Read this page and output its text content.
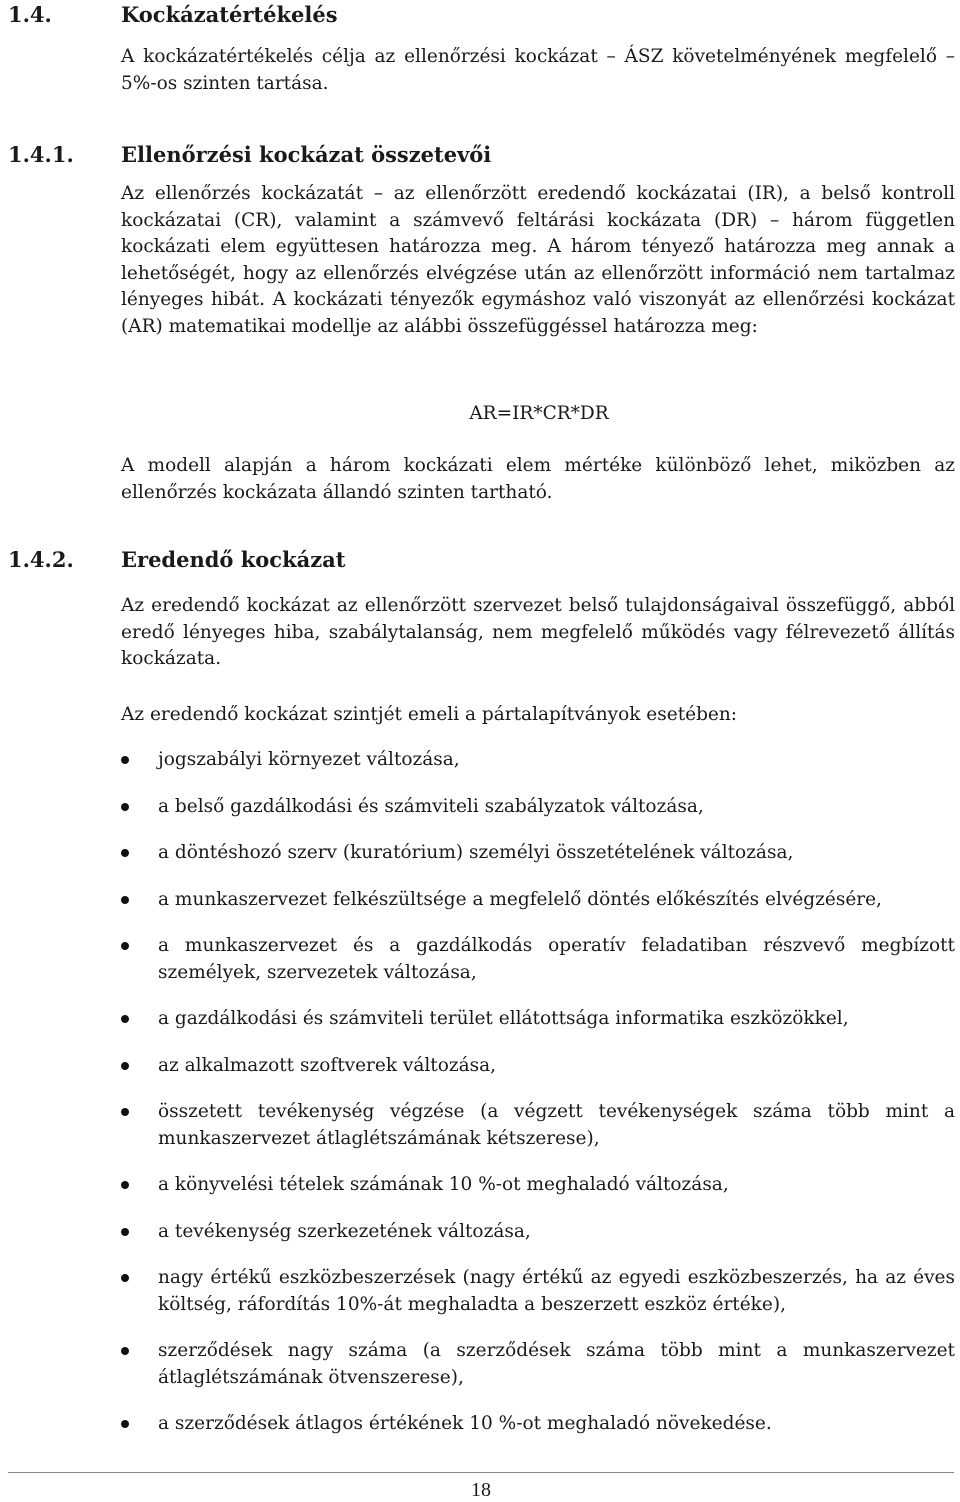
1.4.	Kockázatértékelés

A kockázatértékelés célja az ellenőrzési kockázat – ÁSZ követelményének megfelelő – 5%-os szinten tartása.

1.4.1. Ellenőrzési kockázat összetevői

Az ellenőrzés kockázatát – az ellenőrzött eredendő kockázatai (IR), a belső kontroll kockázatai (CR), valamint a számvevő feltárási kockázata (DR) – három független kockázati elem együttesen határozza meg. A három tényező határozza meg annak a lehetőségét, hogy az ellenőrzés elvégzése után az ellenőrzött információ nem tartalmaz lényeges hibát. A kockázati tényezők egymáshoz való viszonyát az ellenőrzési kockázat (AR) matematikai modellje az alábbi összefüggéssel határozza meg:

AR=IR*CR*DR

A modell alapján a három kockázati elem mértéke különböző lehet, miközben az ellenőrzés kockázata állandó szinten tartható.

1.4.2. Eredendő kockázat

Az eredendő kockázat az ellenőrzött szervezet belső tulajdonságaival összefüggő, abból eredő lényeges hiba, szabálytalanság, nem megfelelő működés vagy félrevezető állítás kockázata.

Az eredendő kockázat szintjét emeli a pártalapítványok esetében:

jogszabályi környezet változása,
a belső gazdálkodási és számviteli szabályzatok változása,
a döntéshozó szerv (kuratórium) személyi összetételének változása,
a munkaszervezet felkészültsége a megfelelő döntés előkészítés elvégzésére,
a munkaszervezet és a gazdálkodás operatív feladatiban részvevő megbízott személyek, szervezetek változása,
a gazdálkodási és számviteli terület ellátottsága informatika eszközökkel,
az alkalmazott szoftverek változása,
összetett tevékenység végzése (a végzett tevékenységek száma több mint a munkaszervezet átlaglétszámának kétszerese),
a könyvelési tételek számának 10 %-ot meghaladó változása,
a tevékenység szerkezetének változása,
nagy értékű eszközbeszerzések (nagy értékű az egyedi eszközbeszerzés, ha az éves költség, ráfordítás 10%-át meghaladta a beszerzett eszköz értéke),
szerződések nagy száma (a szerződések száma több mint a munkaszervezet átlaglétszámának ötvenszerese),
a szerződések átlagos értékének 10 %-ot meghaladó növekedése.
18
